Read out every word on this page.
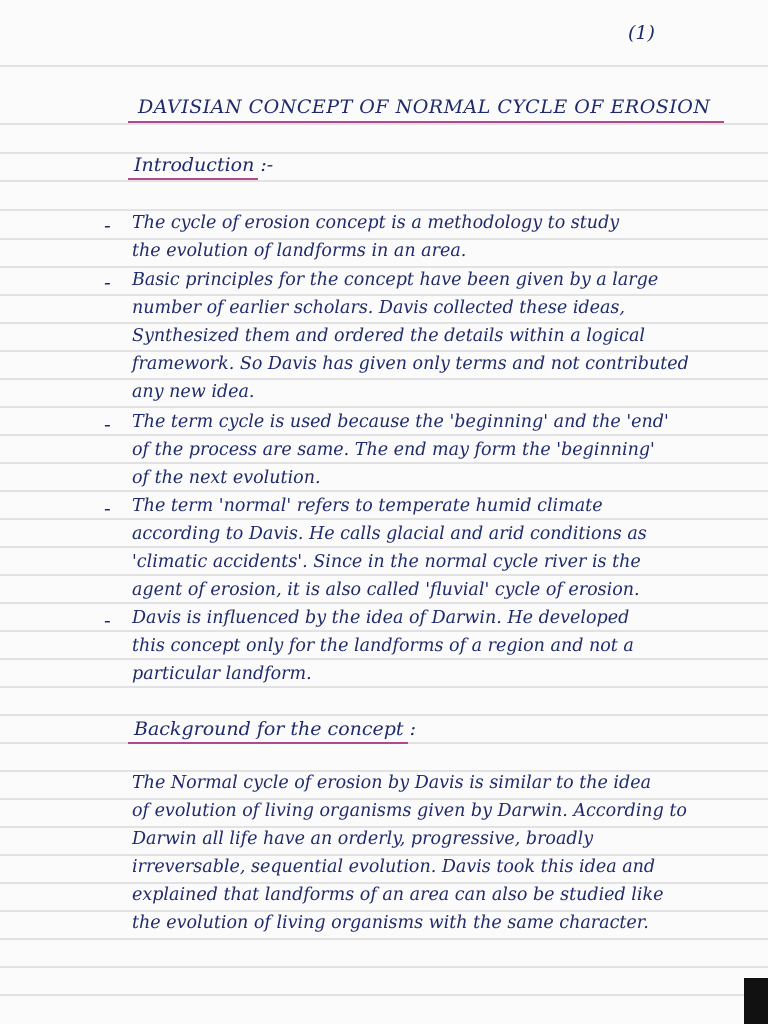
(1)
DAVISIAN CONCEPT OF NORMAL CYCLE OF EROSION
Introduction :-
- The cycle of erosion concept is a methodology to study
the evolution of landforms in an area.
- Basic principles for the concept have been given by a large
number of earlier scholars. Davis collected these ideas,
Synthesized them and ordered the details within a logical
framework. So Davis has given only terms and not contributed
any new idea.
- The term cycle is used because the 'beginning' and the 'end'
of the process are same. The end may form the 'beginning'
of the next evolution.
- The term 'normal' refers to temperate humid climate
according to Davis. He calls glacial and arid conditions as
'climatic accidents'. Since in the normal cycle river is the
agent of erosion, it is also called 'fluvial' cycle of erosion.
- Davis is influenced by the idea of Darwin. He developed
this concept only for the landforms of a region and not a
particular landform.
Background for the concept :
The Normal cycle of erosion by Davis is similar to the idea
of evolution of living organisms given by Darwin. According to
Darwin all life have an orderly, progressive, broadly
irreversable, sequential evolution. Davis took this idea and
explained that landforms of an area can also be studied like
the evolution of living organisms with the same character.
